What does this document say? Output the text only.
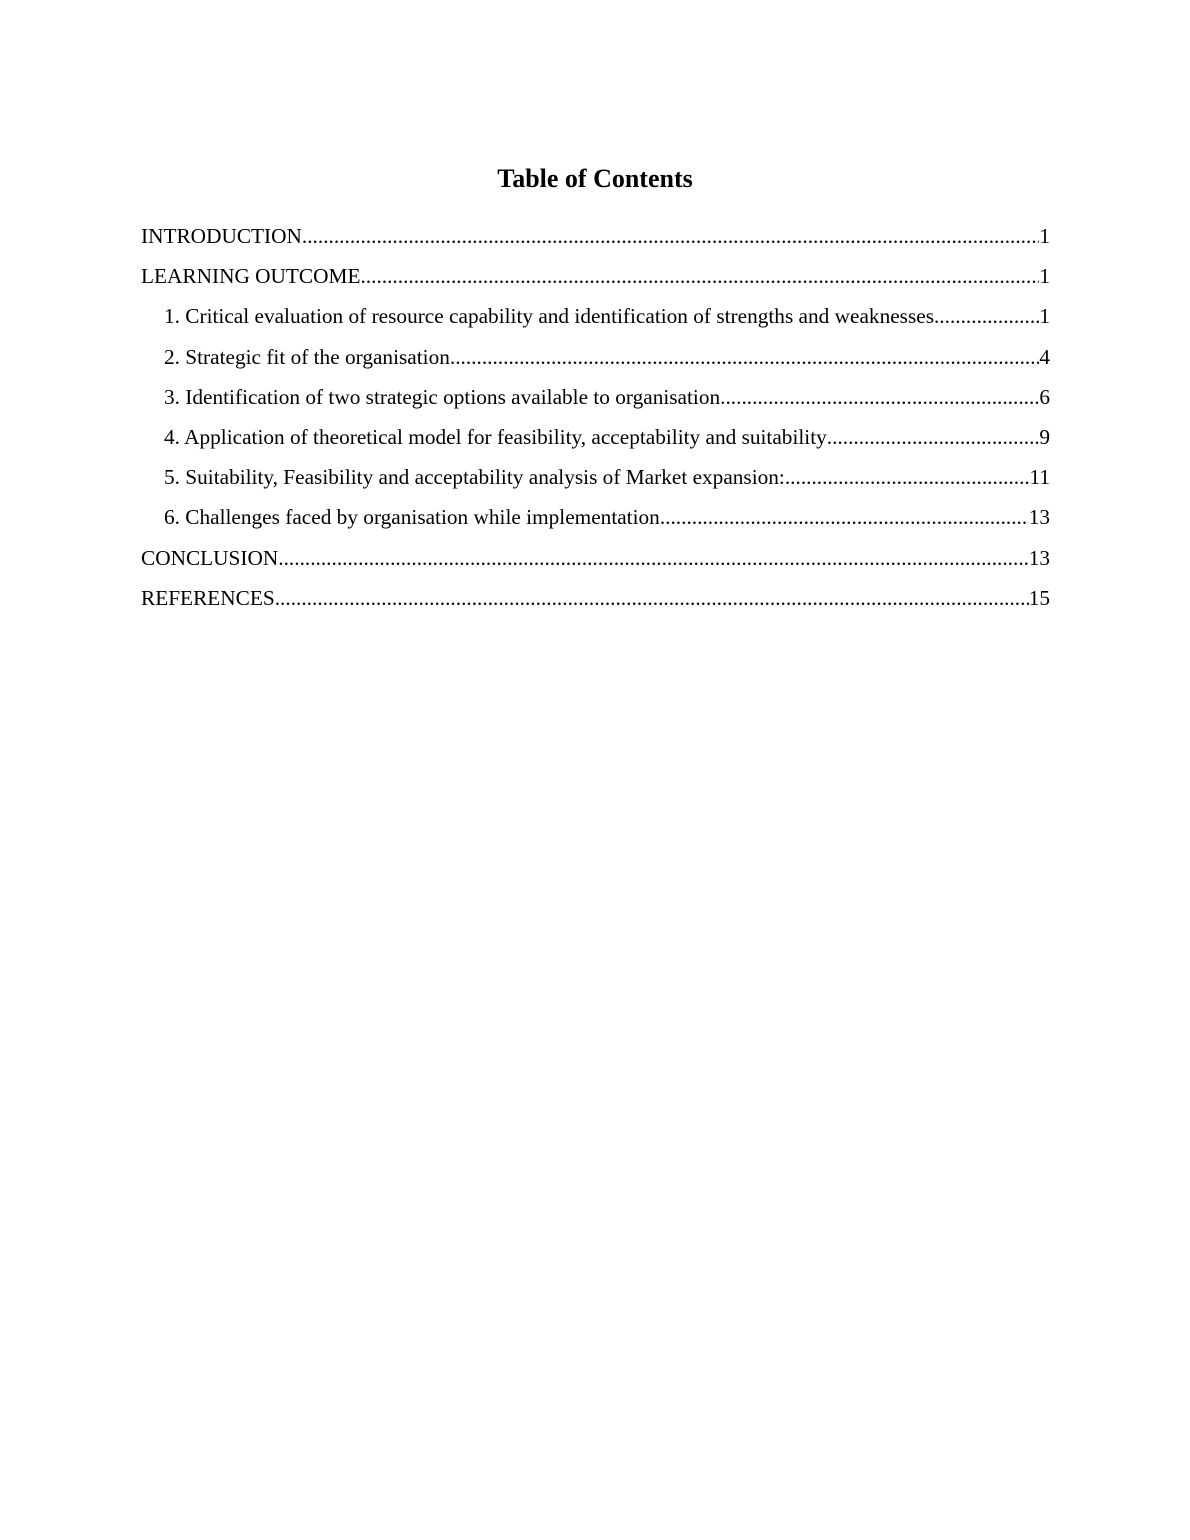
Table of Contents
INTRODUCTION .....	1
LEARNING OUTCOME .....	1
1. Critical evaluation of resource capability and identification of strengths and weaknesses .....	1
2. Strategic fit of the organisation .....	4
3. Identification of two strategic options available to organisation .....	6
4. Application of theoretical model for feasibility, acceptability and suitability .....	9
5. Suitability, Feasibility and acceptability analysis of Market expansion: .....	11
6. Challenges faced by organisation while implementation .....	13
CONCLUSION .....	13
REFERENCES .....	15
